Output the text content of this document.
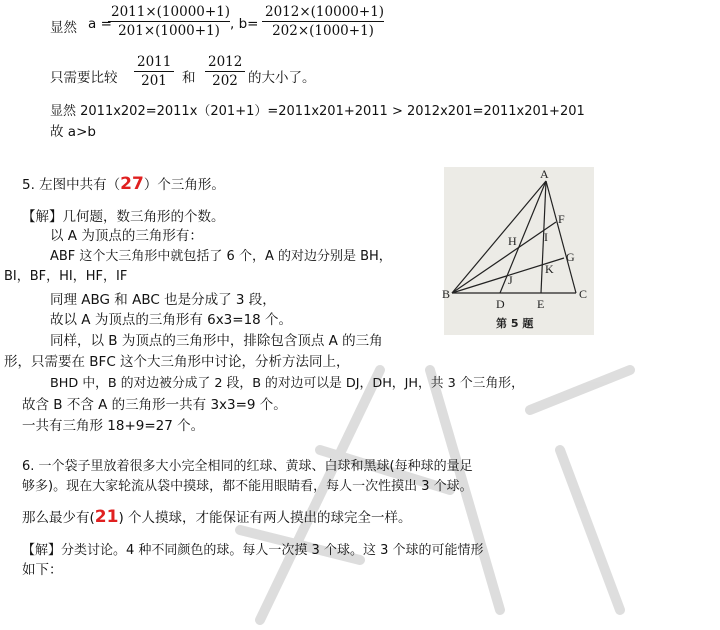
显然 a =
2011×(10000+1)
201×(1000+1) , b=
2012×(10000+1)
202×(1000+1)
只需要比较
2011
201	和
2012
202 的大小了。
显然 2011x202=2011x（201+1）=2011x201+2011 > 2012x201=2011x201+201
故 a>b
5. 左图中共有（27）个三角形。
【解】几何题，数三角形的个数。
以 A 为顶点的三角形有：
ABF 这个大三角形中就包括了 6 个，A 的对边分别是 BH，
BI，BF，HI，HF，IF
同理 ABG 和 ABC 也是分成了 3 段，
故以 A 为顶点的三角形有 6x3=18 个。
同样，以 B 为顶点的三角形中，排除包含顶点 A 的三角
形，只需要在 BFC 这个大三角形中讨论，分析方法同上，
BHD 中，B 的对边被分成了 2 段，B 的对边可以是 DJ，DH，JH，共 3 个三角形，
故含 B 不含 A 的三角形一共有 3x3=9 个。
一共有三角形 18+9=27 个。
A
B	C
D	E
F
G
H I
J
K
第 5 题
6. 一个袋子里放着很多大小完全相同的红球、黄球、白球和黑球(每种球的量足
够多)。现在大家轮流从袋中摸球，都不能用眼睛看，每人一次性摸出 3 个球。
那么最少有(21) 个人摸球，才能保证有两人摸出的球完全一样。
【解】分类讨论。4 种不同颜色的球。每人一次摸 3 个球。这 3 个球的可能情形
如下：
